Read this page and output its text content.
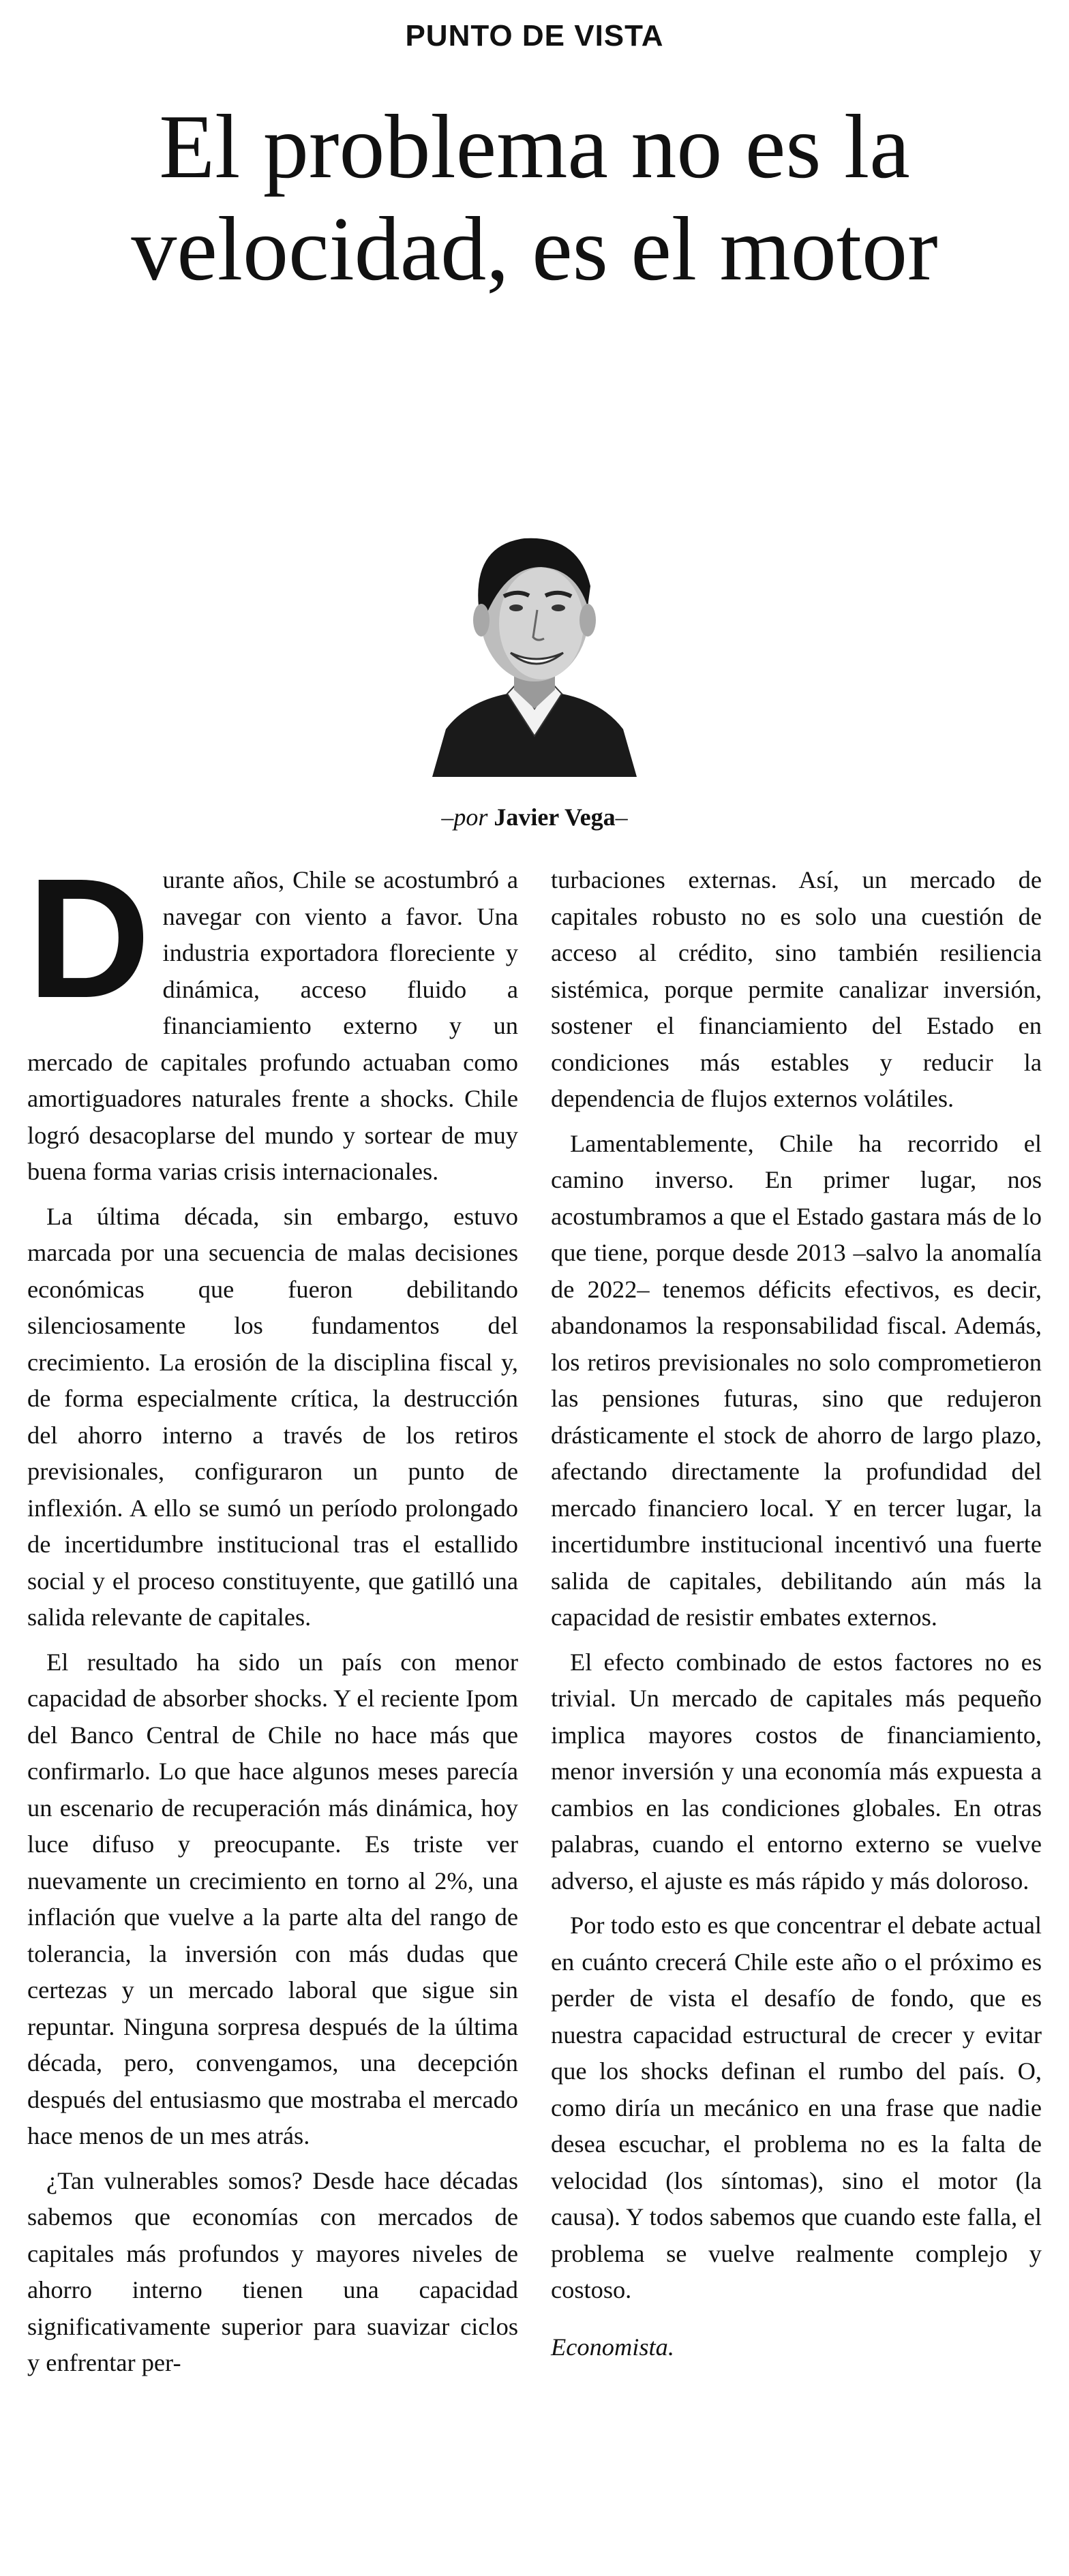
PUNTO DE VISTA
El problema no es la velocidad, es el motor
–por Javier Vega–

Durante años, Chile se acostumbró a navegar con viento a favor. Una industria exportadora floreciente y dinámica, acceso fluido a financiamiento externo y un mercado de capitales profundo actuaban como amortiguadores naturales frente a shocks. Chile logró desacoplarse del mundo y sortear de muy buena forma varias crisis internacionales.

La última década, sin embargo, estuvo marcada por una secuencia de malas decisiones económicas que fueron debilitando silenciosamente los fundamentos del crecimiento. La erosión de la disciplina fiscal y, de forma especialmente crítica, la destrucción del ahorro interno a través de los retiros previsionales, configuraron un punto de inflexión. A ello se sumó un período prolongado de incertidumbre institucional tras el estallido social y el proceso constituyente, que gatilló una salida relevante de capitales.

El resultado ha sido un país con menor capacidad de absorber shocks. Y el reciente Ipom del Banco Central de Chile no hace más que confirmarlo. Lo que hace algunos meses parecía un escenario de recuperación más dinámica, hoy luce difuso y preocupante. Es triste ver nuevamente un crecimiento en torno al 2%, una inflación que vuelve a la parte alta del rango de tolerancia, la inversión con más dudas que certezas y un mercado laboral que sigue sin repuntar. Ninguna sorpresa después de la última década, pero, convengamos, una decepción después del entusiasmo que mostraba el mercado hace menos de un mes atrás.

¿Tan vulnerables somos? Desde hace décadas sabemos que economías con mercados de capitales más profundos y mayores niveles de ahorro interno tienen una capacidad significativamente superior para suavizar ciclos y enfrentar per-

turbaciones externas. Así, un mercado de capitales robusto no es solo una cuestión de acceso al crédito, sino también resiliencia sistémica, porque permite canalizar inversión, sostener el financiamiento del Estado en condiciones más estables y reducir la dependencia de flujos externos volátiles.

Lamentablemente, Chile ha recorrido el camino inverso. En primer lugar, nos acostumbramos a que el Estado gastara más de lo que tiene, porque desde 2013 –salvo la anomalía de 2022– tenemos déficits efectivos, es decir, abandonamos la responsabilidad fiscal. Además, los retiros previsionales no solo comprometieron las pensiones futuras, sino que redujeron drásticamente el stock de ahorro de largo plazo, afectando directamente la profundidad del mercado financiero local. Y en tercer lugar, la incertidumbre institucional incentivó una fuerte salida de capitales, debilitando aún más la capacidad de resistir embates externos.

El efecto combinado de estos factores no es trivial. Un mercado de capitales más pequeño implica mayores costos de financiamiento, menor inversión y una economía más expuesta a cambios en las condiciones globales. En otras palabras, cuando el entorno externo se vuelve adverso, el ajuste es más rápido y más doloroso.

Por todo esto es que concentrar el debate actual en cuánto crecerá Chile este año o el próximo es perder de vista el desafío de fondo, que es nuestra capacidad estructural de crecer y evitar que los shocks definan el rumbo del país. O, como diría un mecánico en una frase que nadie desea escuchar, el problema no es la falta de velocidad (los síntomas), sino el motor (la causa). Y todos sabemos que cuando este falla, el problema se vuelve realmente complejo y costoso.

Economista.
